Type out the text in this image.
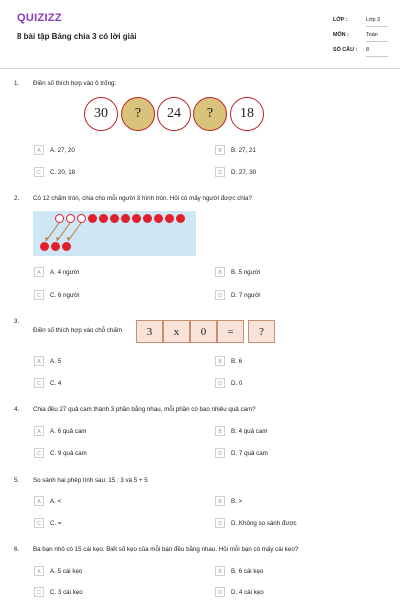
QUIZIZZ
8 bài tập Bảng chia 3 có lời giải
LỚP :	Lớp 3
MÔN :	Toán
SỐ CÂU : 8
1. Điền số thích hợp vào ô trống:
30	?	24	?	18
A	A. 27, 20	B	B. 27, 21
C	C. 20, 18	D	D. 27, 30
2. Có 12 chấm tròn, chia cho mỗi người 3 hình tròn. Hỏi có mấy người được chia?
A	A. 4 người	B	B. 5 người
C	C. 6 người	D	D. 7 người
3.
Điền số thích hợp vào chỗ chấm	3	x	0	=	?
A	A. 5	B	B. 6
C	C. 4	D	D. 0
4. Chia đều 27 quả cam thành 3 phần bằng nhau, mỗi phần có bao nhiêu quả cam?
A	A. 6 quả cam	B	B. 4 quả cam
C	C. 9 quả cam	D	D. 7 quả cam
5. So sánh hai phép tính sau: 15 : 3 và 5 + 5
A	A. <	B	B. >
C	C. =	D	D. Không so sánh được
6. Ba bạn nhỏ có 15 cái kẹo. Biết số kẹo của mỗi bạn đều bằng nhau. Hỏi mỗi bạn có mấy cái kẹo?
A	A. 5 cái kẹo	B	B. 6 cái kẹo
C	C. 3 cái kẹo	D	D. 4 cái kẹo
